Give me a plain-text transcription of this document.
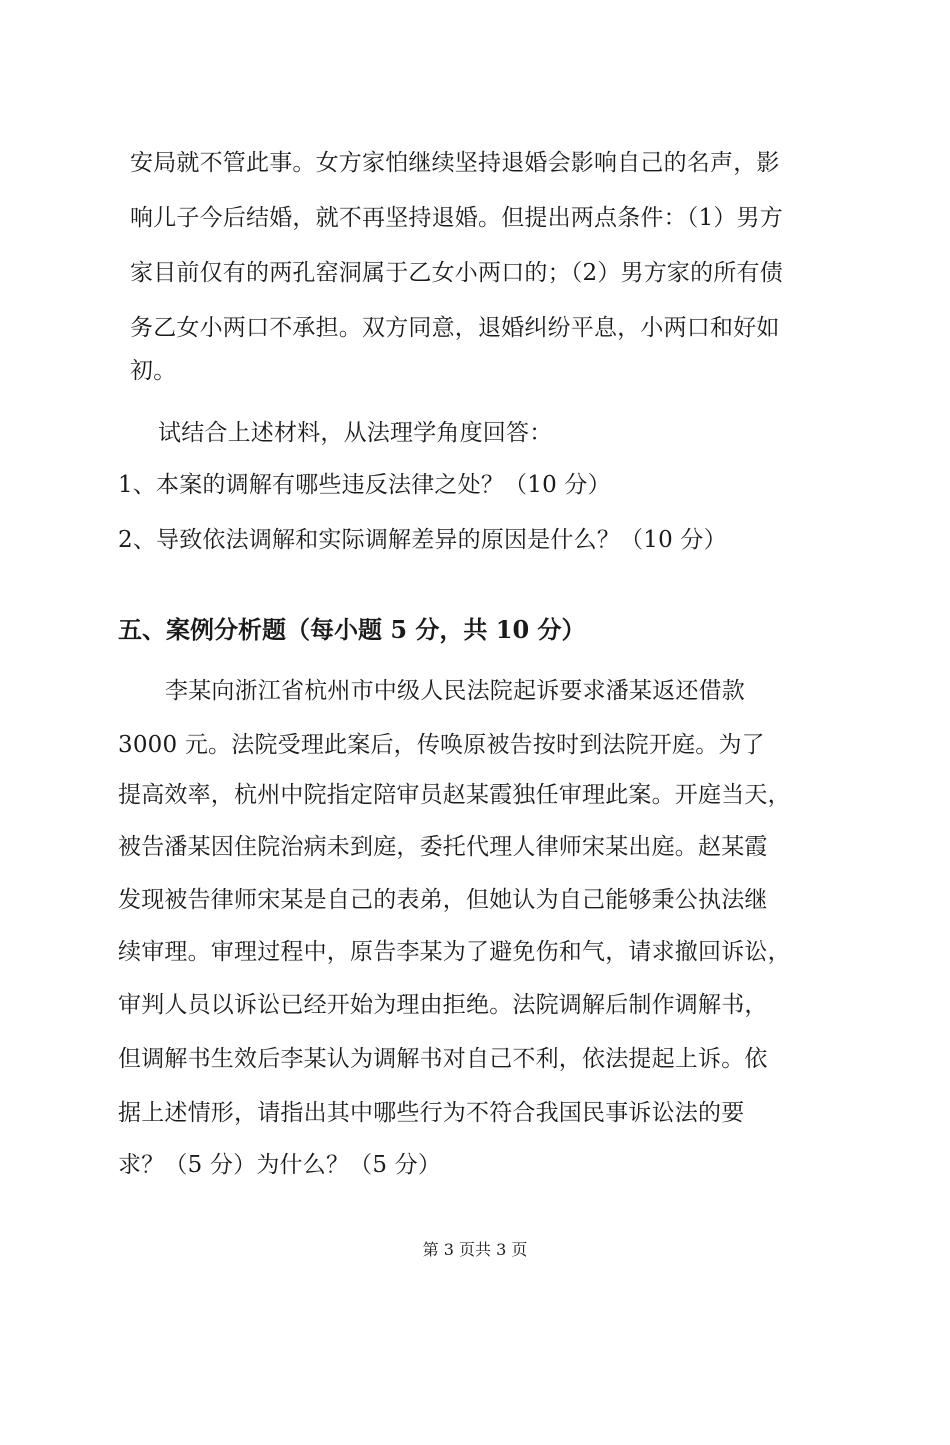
安局就不管此事。女方家怕继续坚持退婚会影响自己的名声，影
响儿子今后结婚，就不再坚持退婚。但提出两点条件：（1）男方
家目前仅有的两孔窑洞属于乙女小两口的；（2）男方家的所有债
务乙女小两口不承担。双方同意，退婚纠纷平息，小两口和好如
初。
试结合上述材料，从法理学角度回答：
1、本案的调解有哪些违反法律之处？（10 分）
2、导致依法调解和实际调解差异的原因是什么？（10 分）
五、案例分析题（每小题 5 分，共 10 分）
李某向浙江省杭州市中级人民法院起诉要求潘某返还借款
3000 元。法院受理此案后，传唤原被告按时到法院开庭。为了
提高效率，杭州中院指定陪审员赵某霞独任审理此案。开庭当天，
被告潘某因住院治病未到庭，委托代理人律师宋某出庭。赵某霞
发现被告律师宋某是自己的表弟，但她认为自己能够秉公执法继
续审理。审理过程中，原告李某为了避免伤和气，请求撤回诉讼，
审判人员以诉讼已经开始为理由拒绝。法院调解后制作调解书，
但调解书生效后李某认为调解书对自己不利，依法提起上诉。依
据上述情形，请指出其中哪些行为不符合我国民事诉讼法的要
求？（5 分）为什么？（5 分）
第 3 页共 3 页
